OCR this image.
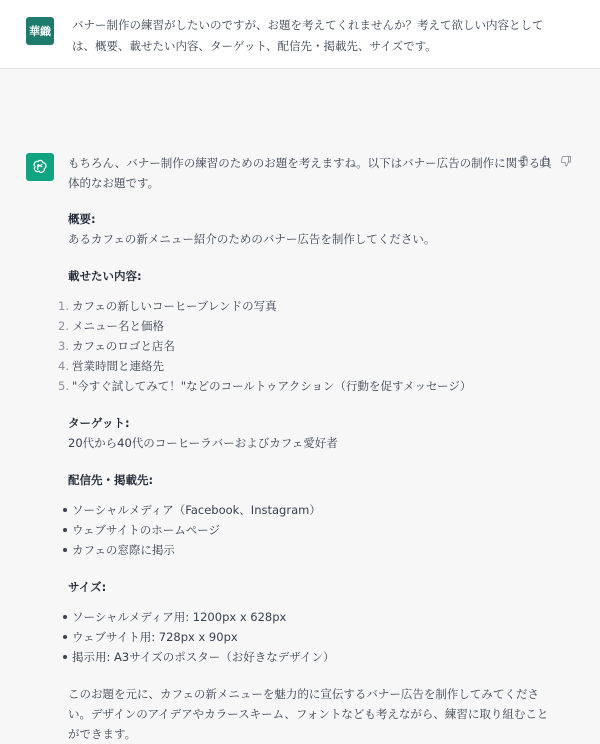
華織 バナー制作の練習がしたいのですが、お題を考えてくれませんか？考えて欲しい内容としては、概要、載せたい内容、ターゲット、配信先・掲載先、サイズです。

もちろん、バナー制作の練習のためのお題を考えますね。以下はバナー広告の制作に関する具体的なお題です。

概要:

あるカフェの新メニュー紹介のためのバナー広告を制作してください。

載せたい内容:

1. カフェの新しいコーヒーブレンドの写真
2. メニュー名と価格
3. カフェのロゴと店名
4. 営業時間と連絡先
5. "今すぐ試してみて！"などのコールトゥアクション（行動を促すメッセージ）

ターゲット:

20代から40代のコーヒーラバーおよびカフェ愛好者

配信先・掲載先:

ソーシャルメディア（Facebook、Instagram）
ウェブサイトのホームページ
カフェの窓際に掲示

サイズ:

ソーシャルメディア用: 1200px x 628px
ウェブサイト用: 728px x 90px
掲示用: A3サイズのポスター（お好きなデザイン）

このお題を元に、カフェの新メニューを魅力的に宣伝するバナー広告を制作してみてください。デザインのアイデアやカラースキーム、フォントなども考えながら、練習に取り組むことができます。
